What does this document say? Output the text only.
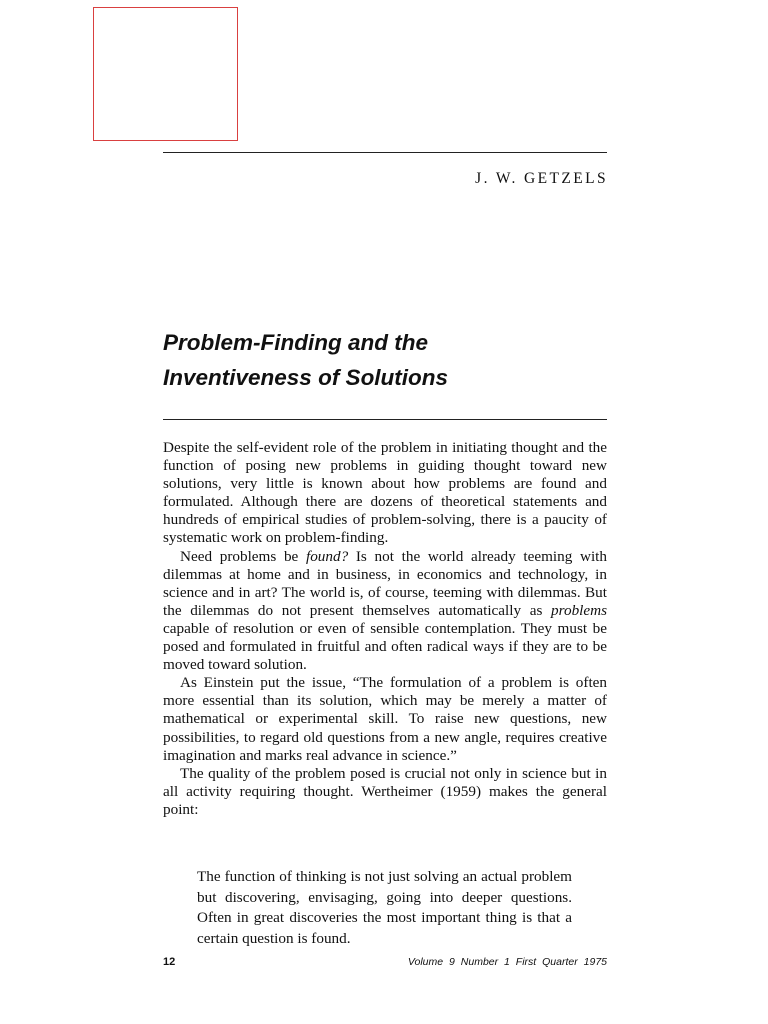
J. W. GETZELS
Problem-Finding and the
Inventiveness of Solutions

Despite the self-evident role of the problem in initiating thought and the function of posing new problems in guiding thought toward new solutions, very little is known about how problems are found and formulated. Although there are dozens of theoretical statements and hundreds of empirical studies of problem-solving, there is a paucity of systematic work on problem-finding.

Need problems be found? Is not the world already teeming with dilemmas at home and in business, in economics and technology, in science and in art? The world is, of course, teeming with dilemmas. But the dilemmas do not present themselves automatically as problems capable of resolution or even of sensible contemplation. They must be posed and formulated in fruitful and often radical ways if they are to be moved toward solution.

As Einstein put the issue, “The formulation of a problem is often more essential than its solution, which may be merely a matter of mathematical or experimental skill. To raise new questions, new possibilities, to regard old questions from a new angle, requires creative imagination and marks real advance in science.”

The quality of the problem posed is crucial not only in science but in all activity requiring thought. Wertheimer (1959) makes the general point:

The function of thinking is not just solving an actual problem but discovering, envisaging, going into deeper questions. Often in great discoveries the most important thing is that a certain question is found.

12	Volume 9 Number 1 First Quarter 1975
